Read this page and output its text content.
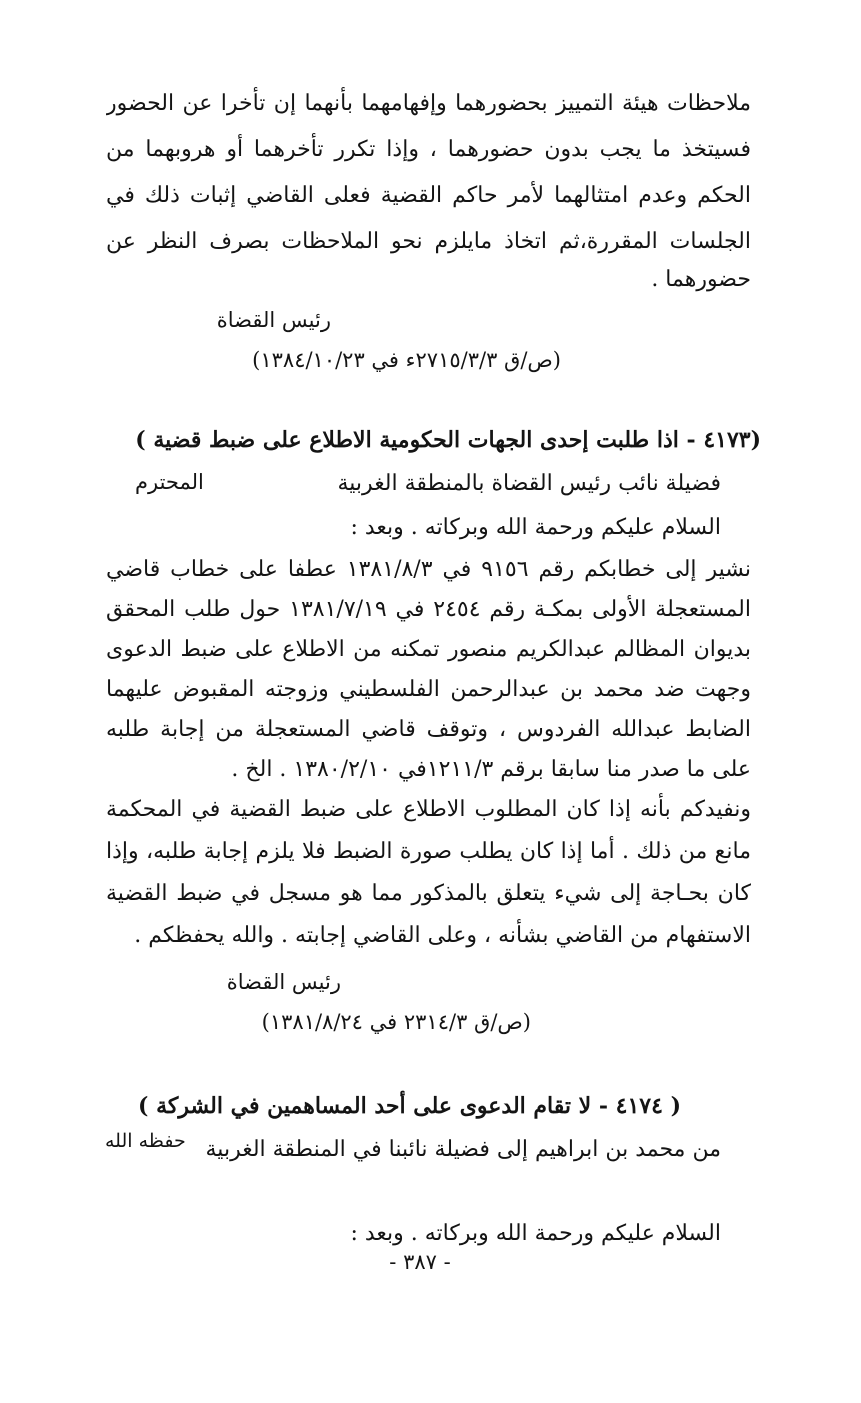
ملاحظات هيئة التمييز بحضورهما وإفهامهما بأنهما إن تأخرا عن الحضور
فسيتخذ ما يجب بدون حضورهما ، وإذا تكرر تأخرهما أو هروبهما من
الحكم وعدم امتثالهما لأمر حاكم القضية فعلى القاضي إثبات ذلك في
الجلسات المقررة،ثم اتخاذ مايلزم نحو الملاحظات بصرف النظر عن
حضورهما .
رئيس القضاة
(ص/ق ٢٧١٥/٣/٣ء في ١٣٨٤/١٠/٢٣)
(٤١٧٣ - اذا طلبت إحدى الجهات الحكومية الاطلاع على ضبط قضية )
فضيلة نائب رئيس القضاة بالمنطقة الغربية
المحترم
السلام عليكم ورحمة الله وبركاته . وبعد :
نشير إلى خطابكم رقم ٩١٥٦ في ١٣٨١/٨/٣ عطفا على خطاب قاضي
المستعجلة الأولى بمكـة رقم ٢٤٥٤ في ١٣٨١/٧/١٩ حول طلب المحقق
بديوان المظالم عبدالكريم منصور تمكنه من الاطلاع على ضبط الدعوى
وجهت ضد محمد بن عبدالرحمن الفلسطيني وزوجته المقبوض عليهما
الضابط عبدالله الفردوس ، وتوقف قاضي المستعجلة من إجابة طلبه
على ما صدر منا سابقا برقم ١٢١١/٣في ١٣٨٠/٢/١٠ . الخ .
ونفيدكم بأنه إذا كان المطلوب الاطلاع على ضبط القضية في المحكمة
مانع من ذلك . أما إذا كان يطلب صورة الضبط فلا يلزم إجابة طلبه، وإذا
كان بحـاجة إلى شيء يتعلق بالمذكور مما هو مسجل في ضبط القضية
الاستفهام من القاضي بشأنه ، وعلى القاضي إجابته . والله يحفظكم .
رئيس القضاة
(ص/ق ٢٣١٤/٣ في ١٣٨١/٨/٢٤)
( ٤١٧٤ - لا تقام الدعوى على أحد المساهمين في الشركة )
من محمد بن ابراهيم إلى فضيلة نائبنا في المنطقة الغربية
حفظه الله
السلام عليكم ورحمة الله وبركاته . وبعد :
- ٣٨٧ -
